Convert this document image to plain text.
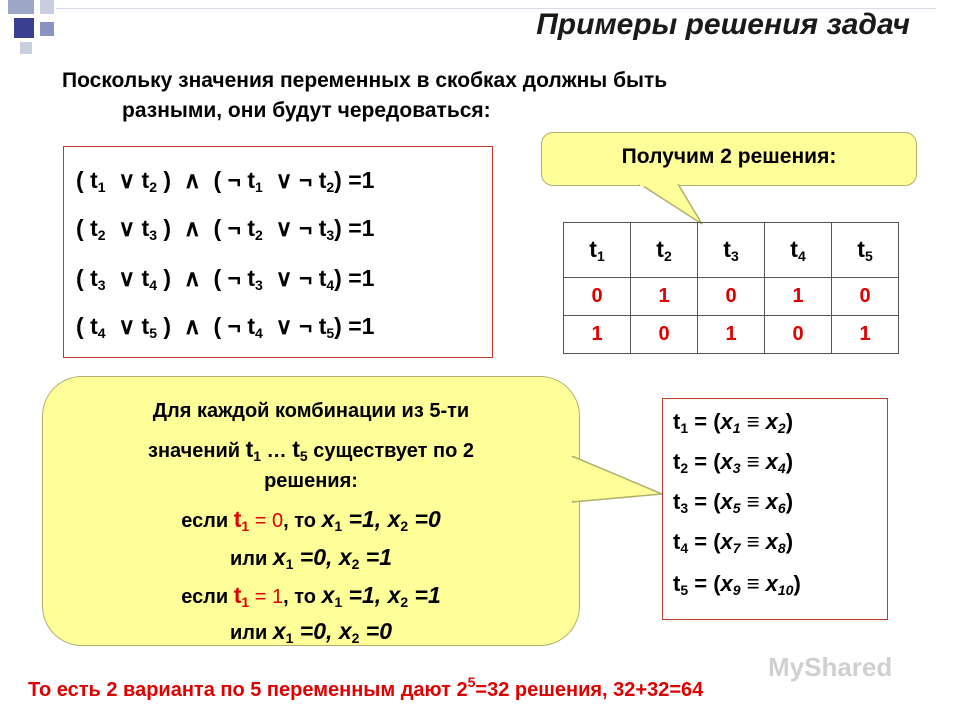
Примеры решения задач
Поскольку значения переменных в скобках должны быть
разными, они будут чередоваться:
( $t_1$ ∨ $t_2$ )  ∧  ( ¬ $t_1$ ∨ ¬ $t_2) =1$
( $t_2$ ∨ $t_3$ )  ∧  ( ¬ $t_2$ ∨ ¬ $t_3) =1$
( $t_3$ ∨ $t_4$ )  ∧  ( ¬ $t_3$ ∨ ¬ $t_4) =1$
( $t_4$ ∨ $t_5$ )  ∧  ( ¬ $t_4$ ∨ ¬ $t_5) =1$
Получим 2 решения:
$t_1$	$t_2$	$t_3$	$t_4$	$t_5$
0	1	0	1	0
1	0	1	0	1
Для каждой комбинации из 5-ти
значений $t_1$ … $t_5$ существует по 2
решения:
если $t_1 = 0$, то $x_1 =1$, $x_2 =0$
или $x_1 =0$, $x_2 =1$
если $t_1 = 1$, то $x_1 =1$, $x_2 =1$
или $x_1 =0$, $x_2 =0$
$t_1 = (x_1 \equiv x_2)$
$t_2 = (x_3 \equiv x_4)$
$t_3 = (x_5 \equiv x_6)$
$t_4 = (x_7 \equiv x_8)$
$t_5 = (x_9 \equiv x_{10})$
MyShared
То есть 2 варианта по 5 переменным дают $2^5=32$ решения, 32+32=64
